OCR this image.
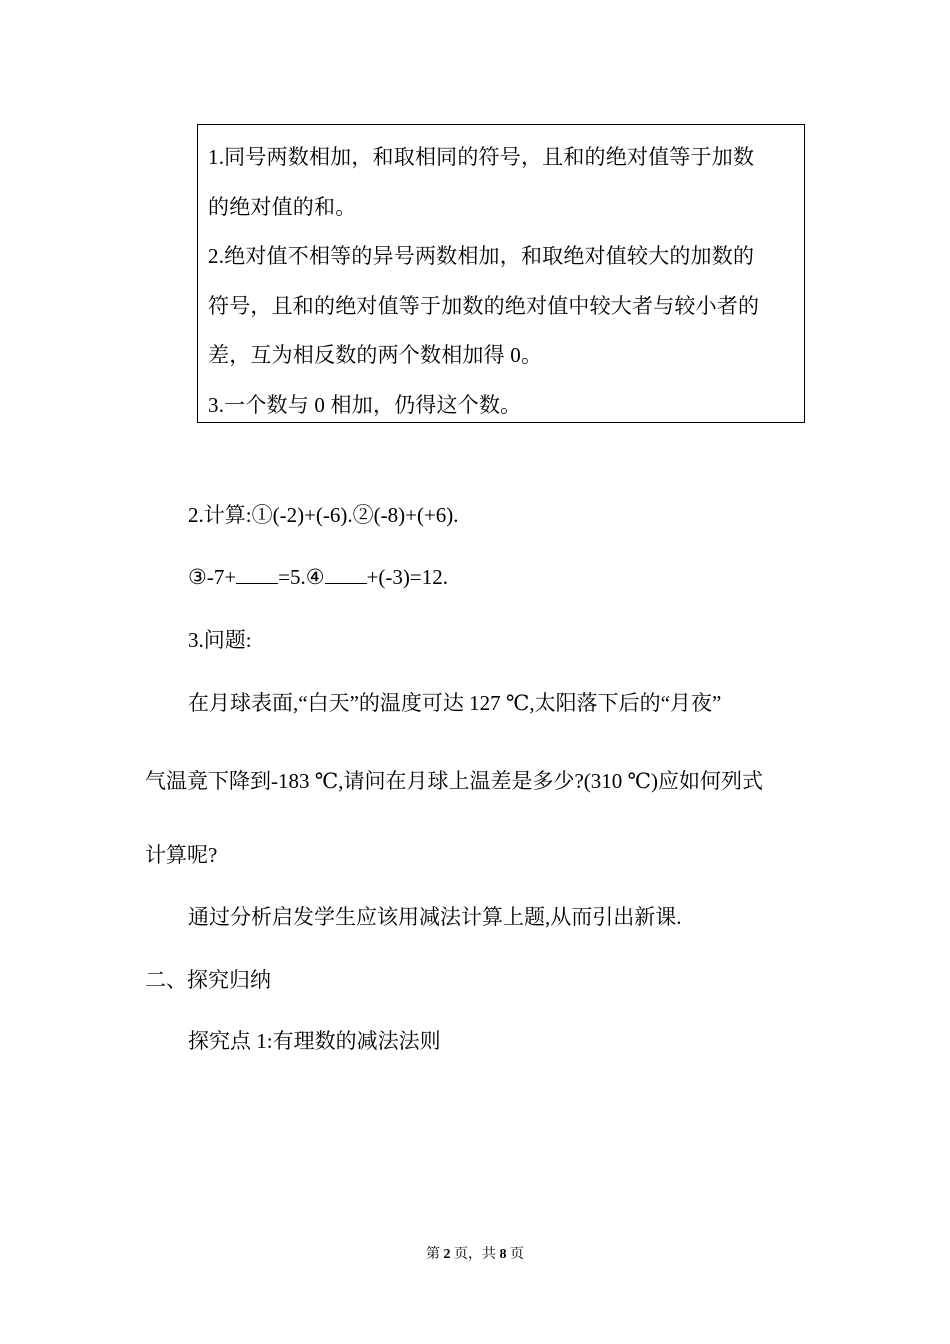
1.同号两数相加，和取相同的符号，且和的绝对值等于加数

的绝对值的和。

2.绝对值不相等的异号两数相加，和取绝对值较大的加数的

符号，且和的绝对值等于加数的绝对值中较大者与较小者的

差，互为相反数的两个数相加得 0。

3.一个数与 0 相加，仍得这个数。

2.计算:①(-2)+(-6).②(-8)+(+6).

③-7+ =5.④ +(-3)=12.

3.问题:

在月球表面,“白天”的温度可达 127 ℃,太阳落下后的“月夜”

气温竟下降到-183 ℃,请问在月球上温差是多少?(310 ℃)应如何列式

计算呢?

通过分析启发学生应该用减法计算上题,从而引出新课.

二、探究归纳

探究点 1:有理数的减法法则

第 2 页，共 8 页
